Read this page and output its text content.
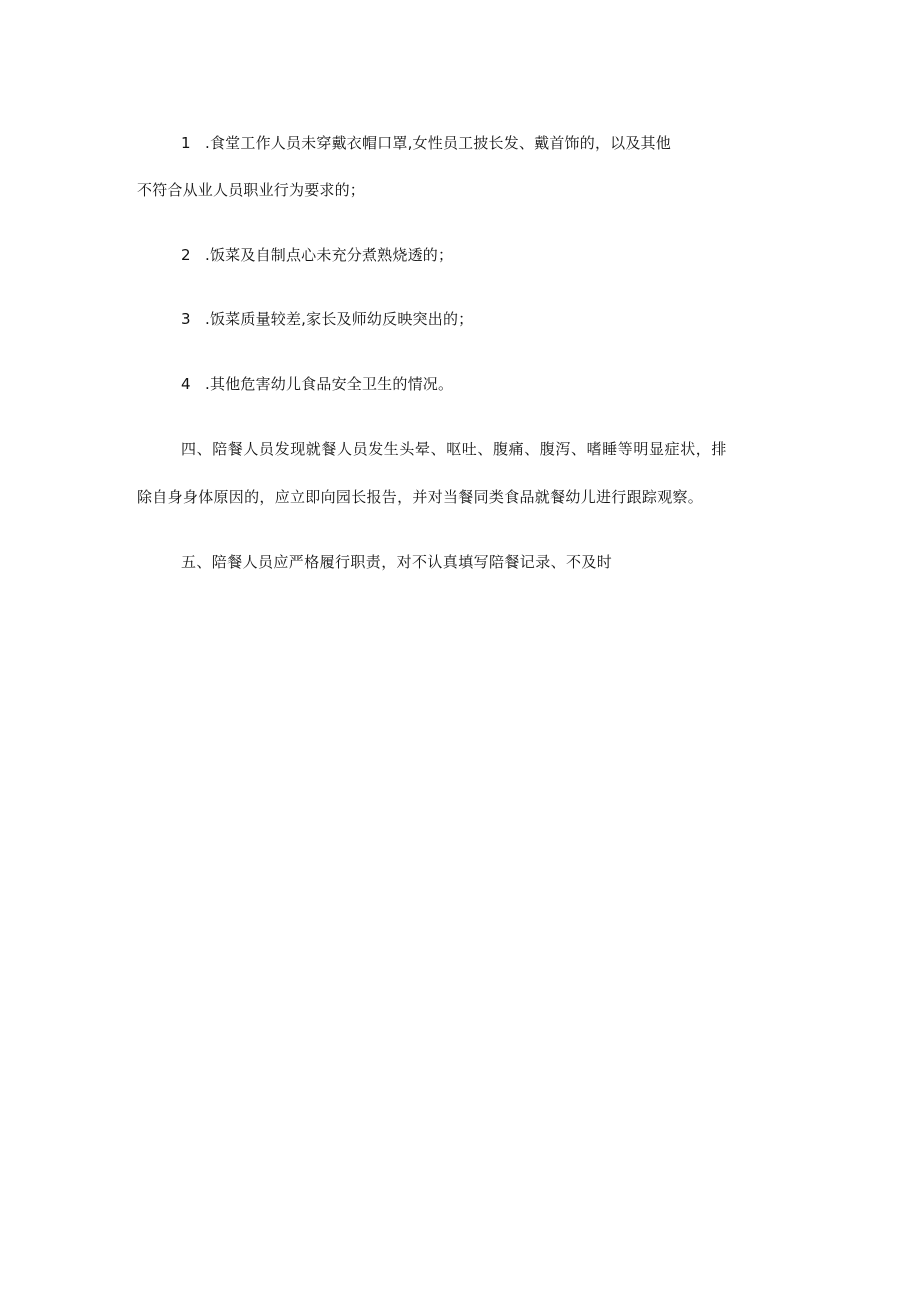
1 .食堂工作人员未穿戴衣帽口罩,女性员工披长发、戴首饰的，以及其他
不符合从业人员职业行为要求的；
2 .饭菜及自制点心未充分煮熟烧透的；
3 .饭菜质量较差,家长及师幼反映突出的；
4 .其他危害幼儿食品安全卫生的情况。
四、陪餐人员发现就餐人员发生头晕、呕吐、腹痛、腹泻、嗜睡等明显症状，排
除自身身体原因的，应立即向园长报告，并对当餐同类食品就餐幼儿进行跟踪观察。
五、陪餐人员应严格履行职责，对不认真填写陪餐记录、不及时
